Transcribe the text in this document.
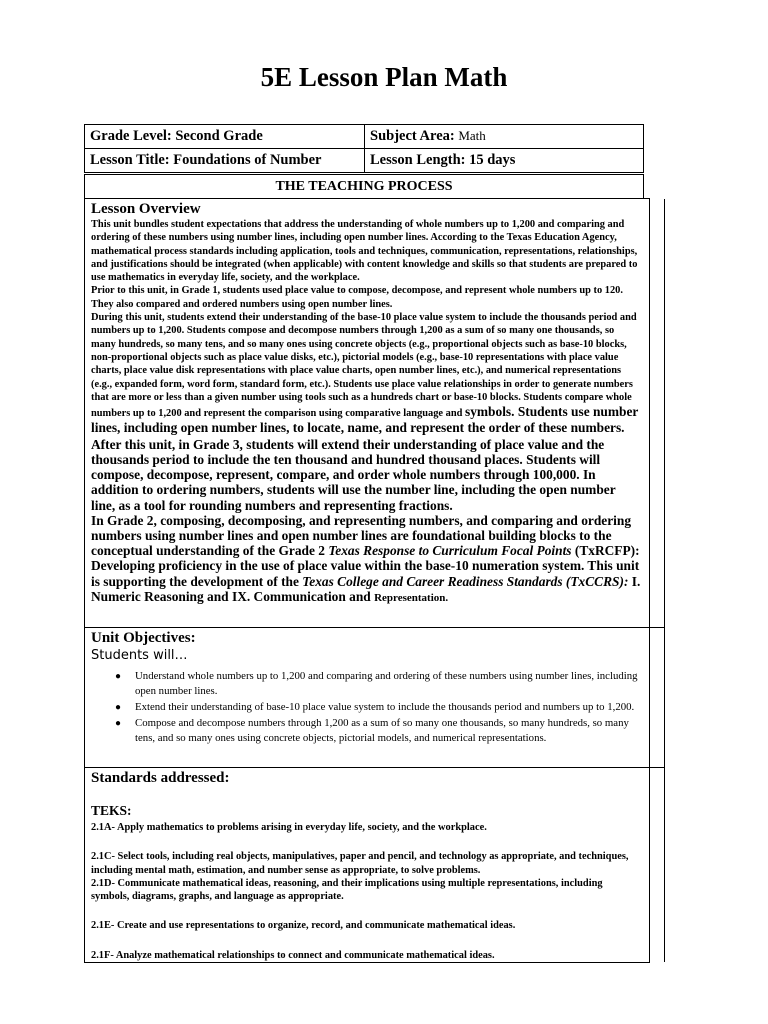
5E Lesson Plan Math
Grade Level: Second Grade	Subject Area: Math
Lesson Title: Foundations of Number	Lesson Length: 15 days
THE TEACHING PROCESS
Lesson Overview
This unit bundles student expectations that address the understanding of whole numbers up to 1,200 and comparing and ordering of these numbers using number lines, including open number lines. According to the Texas Education Agency, mathematical process standards including application, tools and techniques, communication, representations, relationships, and justifications should be integrated (when applicable) with content knowledge and skills so that students are prepared to use mathematics in everyday life, society, and the workplace.
Prior to this unit, in Grade 1, students used place value to compose, decompose, and represent whole numbers up to 120. They also compared and ordered numbers using open number lines.
During this unit, students extend their understanding of the base-10 place value system to include the thousands period and numbers up to 1,200. Students compose and decompose numbers through 1,200 as a sum of so many one thousands, so many hundreds, so many tens, and so many ones using concrete objects (e.g., proportional objects such as base-10 blocks, non-proportional objects such as place value disks, etc.), pictorial models (e.g., base-10 representations with place value charts, place value disk representations with place value charts, open number lines, etc.), and numerical representations (e.g., expanded form, word form, standard form, etc.). Students use place value relationships in order to generate numbers that are more or less than a given number using tools such as a hundreds chart or base-10 blocks. Students compare whole numbers up to 1,200 and represent the comparison using comparative language and symbols. Students use number lines, including open number lines, to locate, name, and represent the order of these numbers.
After this unit, in Grade 3, students will extend their understanding of place value and the thousands period to include the ten thousand and hundred thousand places. Students will compose, decompose, represent, compare, and order whole numbers through 100,000. In addition to ordering numbers, students will use the number line, including the open number line, as a tool for rounding numbers and representing fractions.
In Grade 2, composing, decomposing, and representing numbers, and comparing and ordering numbers using number lines and open number lines are foundational building blocks to the conceptual understanding of the Grade 2 Texas Response to Curriculum Focal Points (TxRCFP): Developing proficiency in the use of place value within the base-10 numeration system. This unit is supporting the development of the Texas College and Career Readiness Standards (TxCCRS): I. Numeric Reasoning and IX. Communication and Representation.
Unit Objectives:
Students will…
● Understand whole numbers up to 1,200 and comparing and ordering of these numbers using number lines, including open number lines.
● Extend their understanding of base-10 place value system to include the thousands period and numbers up to 1,200.
● Compose and decompose numbers through 1,200 as a sum of so many one thousands, so many hundreds, so many tens, and so many ones using concrete objects, pictorial models, and numerical representations.
Standards addressed:
TEKS:
2.1A- Apply mathematics to problems arising in everyday life, society, and the workplace.
2.1C- Select tools, including real objects, manipulatives, paper and pencil, and technology as appropriate, and techniques, including mental math, estimation, and number sense as appropriate, to solve problems.
2.1D- Communicate mathematical ideas, reasoning, and their implications using multiple representations, including symbols, diagrams, graphs, and language as appropriate.
2.1E- Create and use representations to organize, record, and communicate mathematical ideas.
2.1F- Analyze mathematical relationships to connect and communicate mathematical ideas.
